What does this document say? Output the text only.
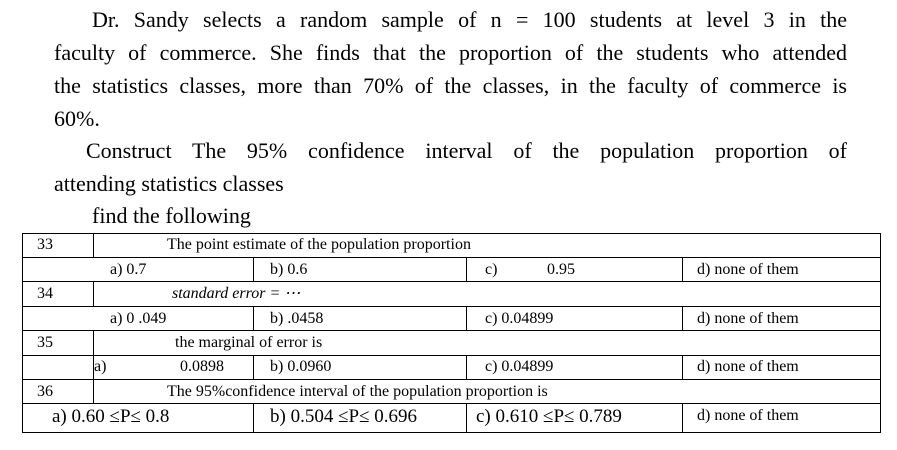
Dr. Sandy selects a random sample of n = 100 students at level 3 in the
faculty of commerce. She finds that the proportion of the students who attended
the statistics classes, more than 70% of the classes, in the faculty of commerce is
60%.
Construct The 95% confidence interval of the population proportion of
attending statistics classes
find the following
33	The point estimate of the population proportion
a) 0.7	b) 0.6	c)	0.95	d) none of them
34	standard error = ⋯
a) 0 .049	b) .0458	c) 0.04899	d) none of them
35	the marginal of error is
a)	0.0898	b) 0.0960	c) 0.04899	d) none of them
36	The 95%confidence interval of the population proportion is
a) 0.60 ≤P≤ 0.8	b) 0.504 ≤P≤ 0.696	c) 0.610 ≤P≤ 0.789	d) none of them
